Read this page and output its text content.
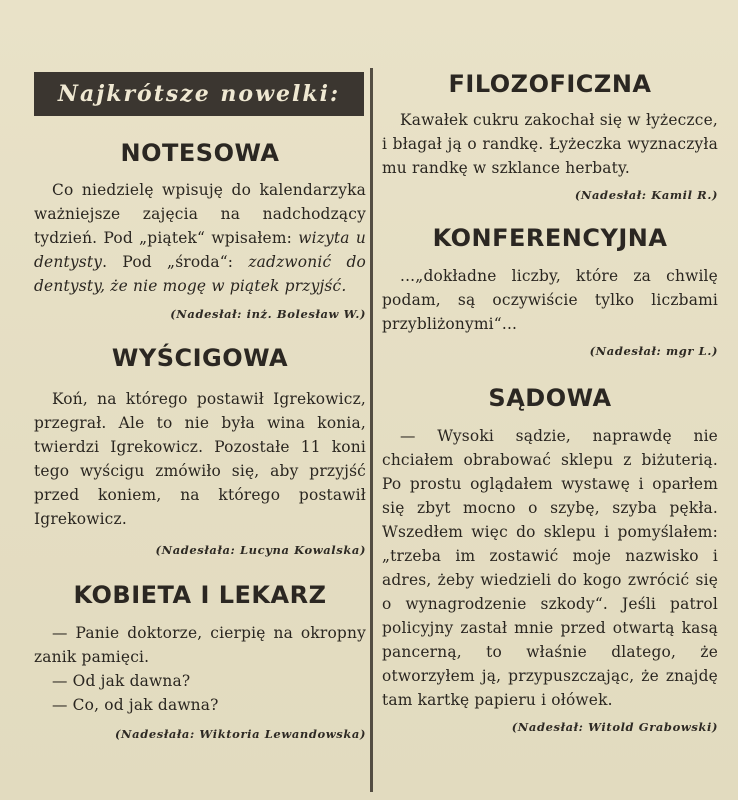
Najkrótsze nowelki:
NOTESOWA

Co niedzielę wpisuję do kalendarzyka ważniejsze zajęcia na nadchodzący tydzień. Pod „piątek“ wpisałem: wizyta u dentysty. Pod „środa“: zadzwonić do dentysty, że nie mogę w piątek przyjść.

(Nadesłał: inż. Bolesław W.)
WYŚCIGOWA

Koń, na którego postawił Igrekowicz, przegrał. Ale to nie była wina konia, twierdzi Igrekowicz. Pozostałe 11 koni tego wyścigu zmówiło się, aby przyjść przed koniem, na którego postawił Igrekowicz.

(Nadesłała: Lucyna Kowalska)
KOBIETA I LEKARZ

— Panie doktorze, cierpię na okropny zanik pamięci.

— Od jak dawna?

— Co, od jak dawna?

(Nadesłała: Wiktoria Lewandowska)
FILOZOFICZNA

Kawałek cukru zakochał się w łyżeczce, i błagał ją o randkę. Łyżeczka wyznaczyła mu randkę w szklance herbaty.

(Nadesłał: Kamil R.)
KONFERENCYJNA

...„dokładne liczby, które za chwilę podam, są oczywiście tylko liczbami przybliżonymi“...

(Nadesłał: mgr L.)
SĄDOWA

— Wysoki sądzie, naprawdę nie chciałem obrabować sklepu z biżuterią. Po prostu oglądałem wystawę i oparłem się zbyt mocno o szybę, szyba pękła. Wszedłem więc do sklepu i pomyślałem: „trzeba im zostawić moje nazwisko i adres, żeby wiedzieli do kogo zwrócić się o wynagrodzenie szkody“. Jeśli patrol policyjny zastał mnie przed otwartą kasą pancerną, to właśnie dlatego, że otworzyłem ją, przypuszczając, że znajdę tam kartkę papieru i ołówek.

(Nadesłał: Witold Grabowski)
